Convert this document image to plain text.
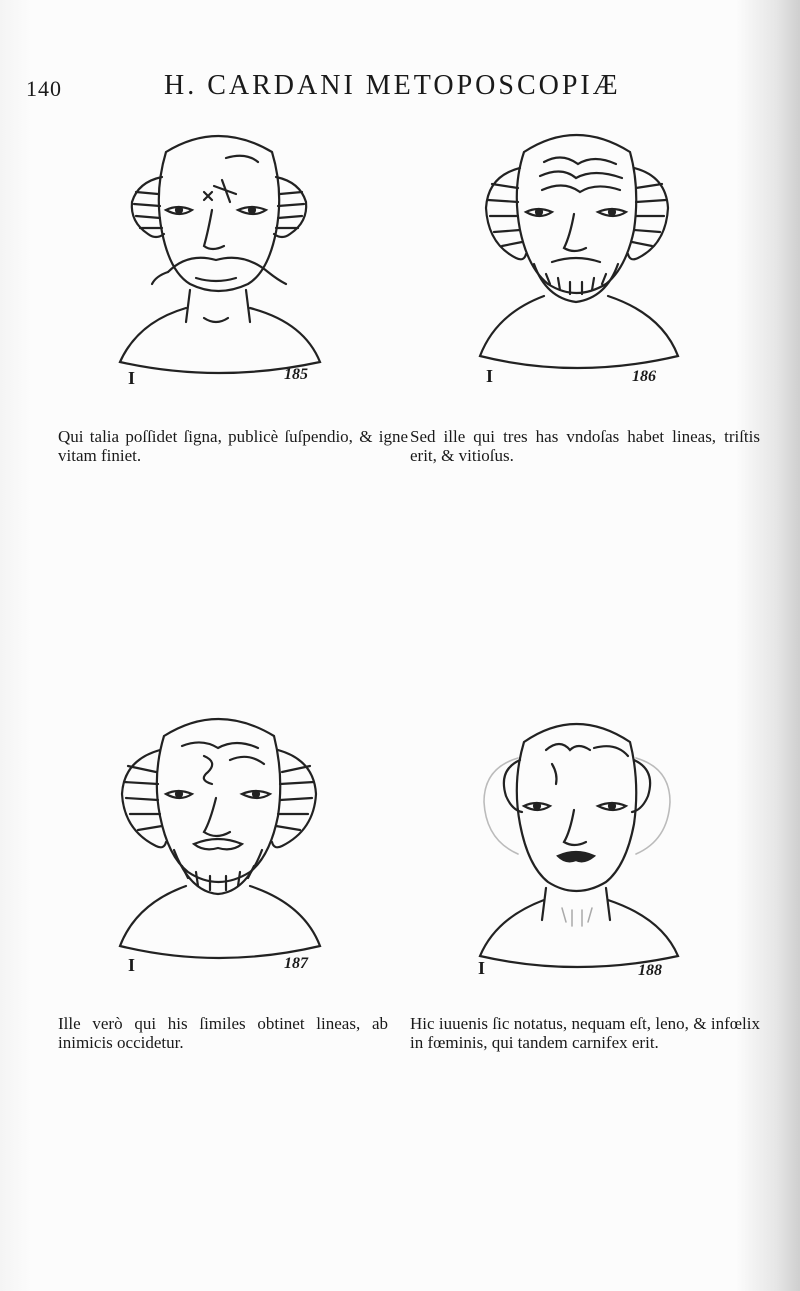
140	H. CARDANI METOPOSCOPIÆ
I	185
Qui talia poſſidet ſigna, publicè ſuſpendio, & igne vitam finiet.
I	186
Sed ille qui tres has vndoſas habet lineas, triſtis erit, & vitioſus.
I	187
Ille verò qui his ſimiles obtinet lineas, ab inimicis occidetur.
I	188
Hic iuuenis ſic notatus, nequam eſt, leno, & infœlix in fœminis, qui tandem carnifex erit.
